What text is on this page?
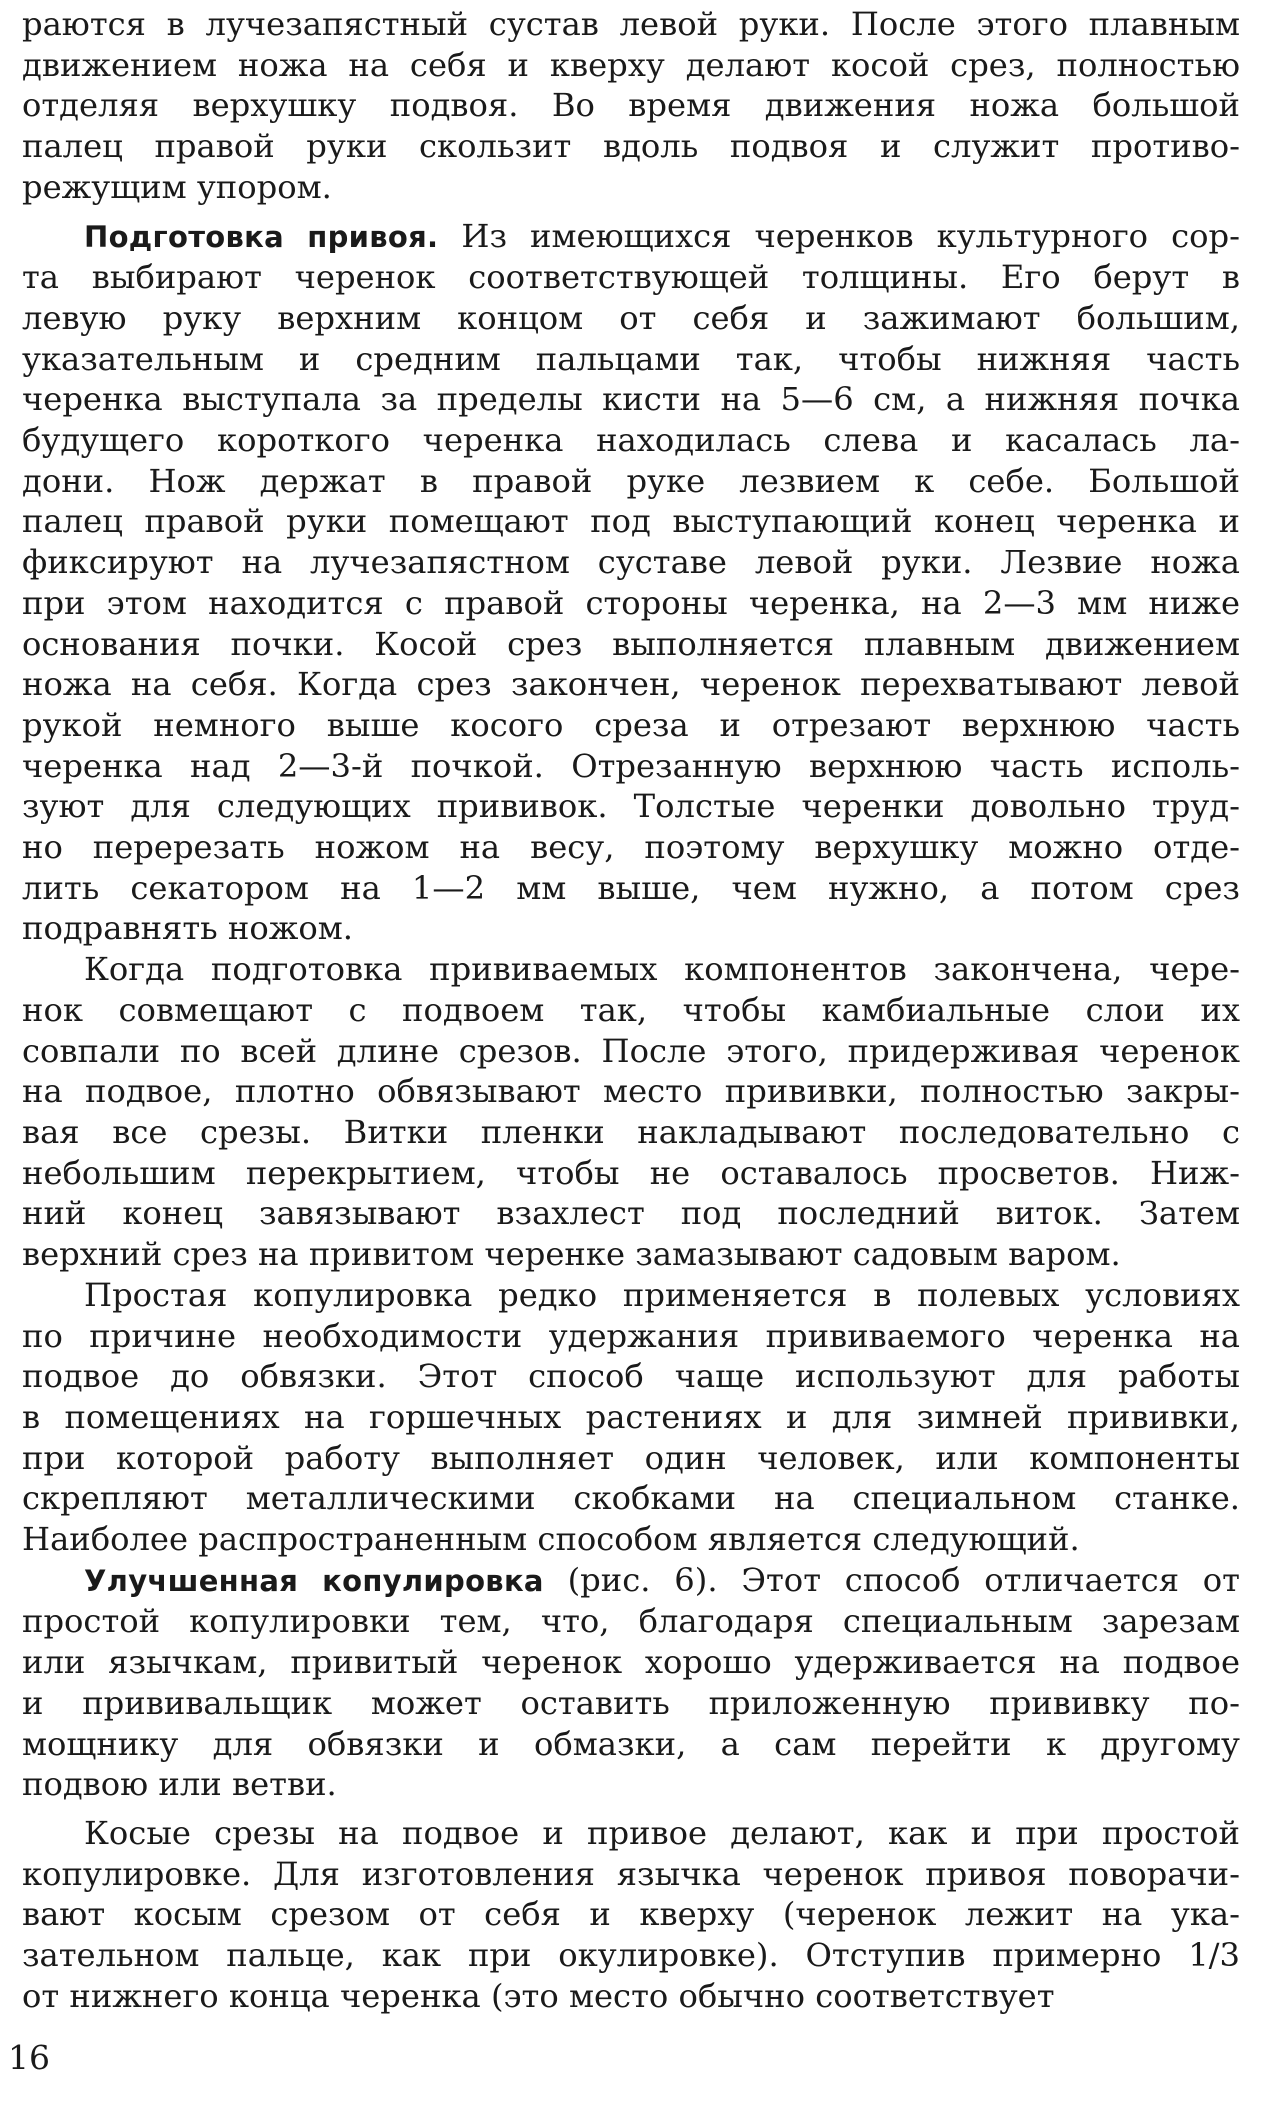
раются в лучезапястный сустав левой руки. После этого плавным

движением ножа на себя и кверху делают косой срез, полностью

отделяя верхушку подвоя. Во время движения ножа большой

палец правой руки скользит вдоль подвоя и служит противо-

режущим упором.

Подготовка привоя. Из имеющихся черенков культурного сор-

та выбирают черенок соответствующей толщины. Его берут в

левую руку верхним концом от себя и зажимают большим,

указательным и средним пальцами так, чтобы нижняя часть

черенка выступала за пределы кисти на 5—6 см, а нижняя почка

будущего короткого черенка находилась слева и касалась ла-

дони. Нож держат в правой руке лезвием к себе. Большой

палец правой руки помещают под выступающий конец черенка и

фиксируют на лучезапястном суставе левой руки. Лезвие ножа

при этом находится с правой стороны черенка, на 2—3 мм ниже

основания почки. Косой срез выполняется плавным движением

ножа на себя. Когда срез закончен, черенок перехватывают левой

рукой немного выше косого среза и отрезают верхнюю часть

черенка над 2—3-й почкой. Отрезанную верхнюю часть исполь-

зуют для следующих прививок. Толстые черенки довольно труд-

но перерезать ножом на весу, поэтому верхушку можно отде-

лить секатором на 1—2 мм выше, чем нужно, а потом срез

подравнять ножом.

Когда подготовка прививаемых компонентов закончена, чере-

нок совмещают с подвоем так, чтобы камбиальные слои их

совпали по всей длине срезов. После этого, придерживая черенок

на подвое, плотно обвязывают место прививки, полностью закры-

вая все срезы. Витки пленки накладывают последовательно с

небольшим перекрытием, чтобы не оставалось просветов. Ниж-

ний конец завязывают взахлест под последний виток. Затем

верхний срез на привитом черенке замазывают садовым варом.

Простая копулировка редко применяется в полевых условиях

по причине необходимости удержания прививаемого черенка на

подвое до обвязки. Этот способ чаще используют для работы

в помещениях на горшечных растениях и для зимней прививки,

при которой работу выполняет один человек, или компоненты

скрепляют металлическими скобками на специальном станке.

Наиболее распространенным способом является следующий.

Улучшенная копулировка (рис. 6). Этот способ отличается от

простой копулировки тем, что, благодаря специальным зарезам

или язычкам, привитый черенок хорошо удерживается на подвое

и прививальщик может оставить приложенную прививку по-

мощнику для обвязки и обмазки, а сам перейти к другому

подвою или ветви.

Косые срезы на подвое и привое делают, как и при простой

копулировке. Для изготовления язычка черенок привоя поворачи-

вают косым срезом от себя и кверху (черенок лежит на ука-

зательном пальце, как при окулировке). Отступив примерно 1/3

от нижнего конца черенка (это место обычно соответствует

16
